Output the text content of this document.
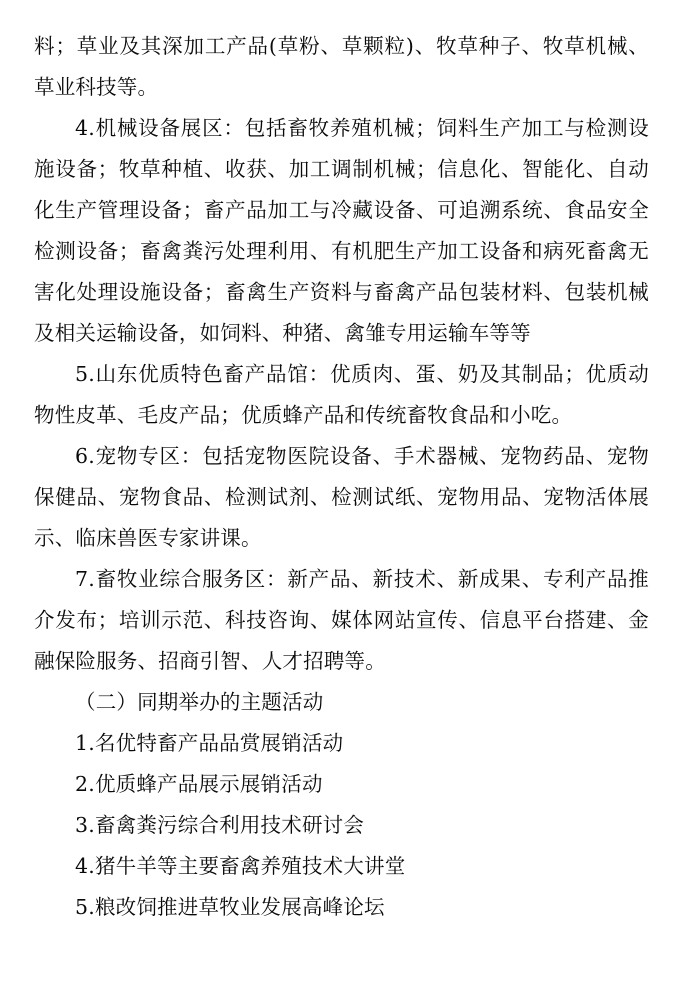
料；草业及其深加工产品(草粉、草颗粒)、牧草种子、牧草机械、草业科技等。

4.机械设备展区：包括畜牧养殖机械；饲料生产加工与检测设施设备；牧草种植、收获、加工调制机械；信息化、智能化、自动化生产管理设备；畜产品加工与冷藏设备、可追溯系统、食品安全检测设备；畜禽粪污处理利用、有机肥生产加工设备和病死畜禽无害化处理设施设备；畜禽生产资料与畜禽产品包装材料、包装机械及相关运输设备，如饲料、种猪、禽雏专用运输车等等

5.山东优质特色畜产品馆：优质肉、蛋、奶及其制品；优质动物性皮革、毛皮产品；优质蜂产品和传统畜牧食品和小吃。

6.宠物专区：包括宠物医院设备、手术器械、宠物药品、宠物保健品、宠物食品、检测试剂、检测试纸、宠物用品、宠物活体展示、临床兽医专家讲课。

7.畜牧业综合服务区：新产品、新技术、新成果、专利产品推介发布；培训示范、科技咨询、媒体网站宣传、信息平台搭建、金融保险服务、招商引智、人才招聘等。

（二）同期举办的主题活动

1.名优特畜产品品赏展销活动

2.优质蜂产品展示展销活动

3.畜禽粪污综合利用技术研讨会

4.猪牛羊等主要畜禽养殖技术大讲堂

5.粮改饲推进草牧业发展高峰论坛
